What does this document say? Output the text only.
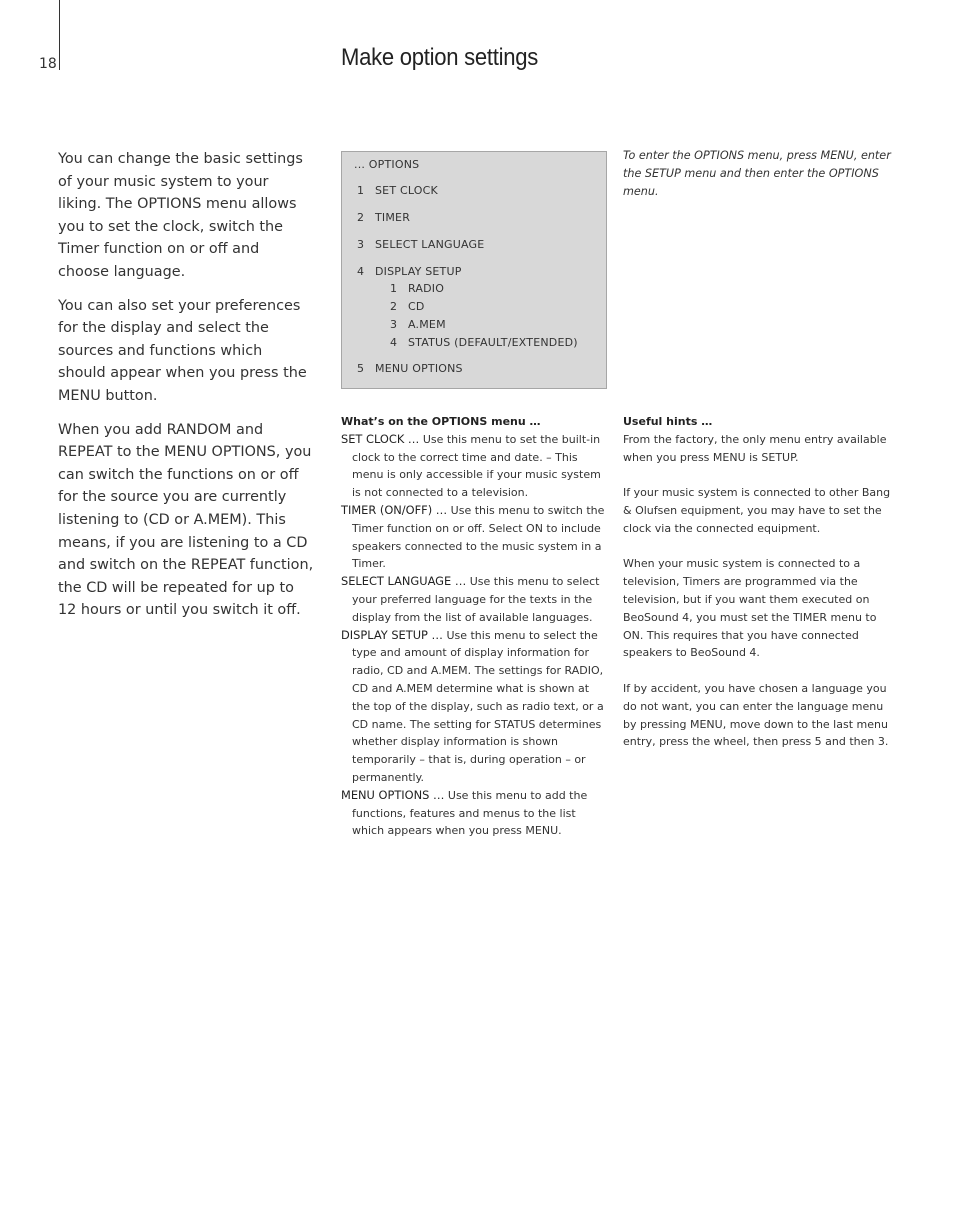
18	Make option settings

You can change the basic settings of your music system to your liking. The OPTIONS menu allows you to set the clock, switch the Timer function on or off and choose language.

You can also set your preferences for the display and select the sources and functions which should appear when you press the MENU button.

When you add RANDOM and REPEAT to the MENU OPTIONS, you can switch the functions on or off for the source you are currently listening to (CD or A.MEM). This means, if you are listening to a CD and switch on the REPEAT function, the CD will be repeated for up to 12 hours or until you switch it off.

... OPTIONS
1 SET CLOCK
2 TIMER
3 SELECT LANGUAGE
4 DISPLAY SETUP
1 RADIO
2 CD
3 A.MEM
4 STATUS (DEFAULT/EXTENDED)
5 MENU OPTIONS
To enter the OPTIONS menu, press MENU, enter the SETUP menu and then enter the OPTIONS menu.
What’s on the OPTIONS menu …

SET CLOCK … Use this menu to set the built-in clock to the correct time and date. – This menu is only accessible if your music system is not connected to a television.

TIMER (ON/OFF) … Use this menu to switch the Timer function on or off. Select ON to include speakers connected to the music system in a Timer.

SELECT LANGUAGE … Use this menu to select your preferred language for the texts in the display from the list of available languages.

DISPLAY SETUP … Use this menu to select the type and amount of display information for radio, CD and A.MEM. The settings for RADIO, CD and A.MEM determine what is shown at the top of the display, such as radio text, or a CD name. The setting for STATUS determines whether display information is shown temporarily – that is, during operation – or permanently.

MENU OPTIONS … Use this menu to add the functions, features and menus to the list which appears when you press MENU.

Useful hints …

From the factory, the only menu entry available when you press MENU is SETUP.

If your music system is connected to other Bang & Olufsen equipment, you may have to set the clock via the connected equipment.

When your music system is connected to a television, Timers are programmed via the television, but if you want them executed on BeoSound 4, you must set the TIMER menu to ON. This requires that you have connected speakers to BeoSound 4.

If by accident, you have chosen a language you do not want, you can enter the language menu by pressing MENU, move down to the last menu entry, press the wheel, then press 5 and then 3.
